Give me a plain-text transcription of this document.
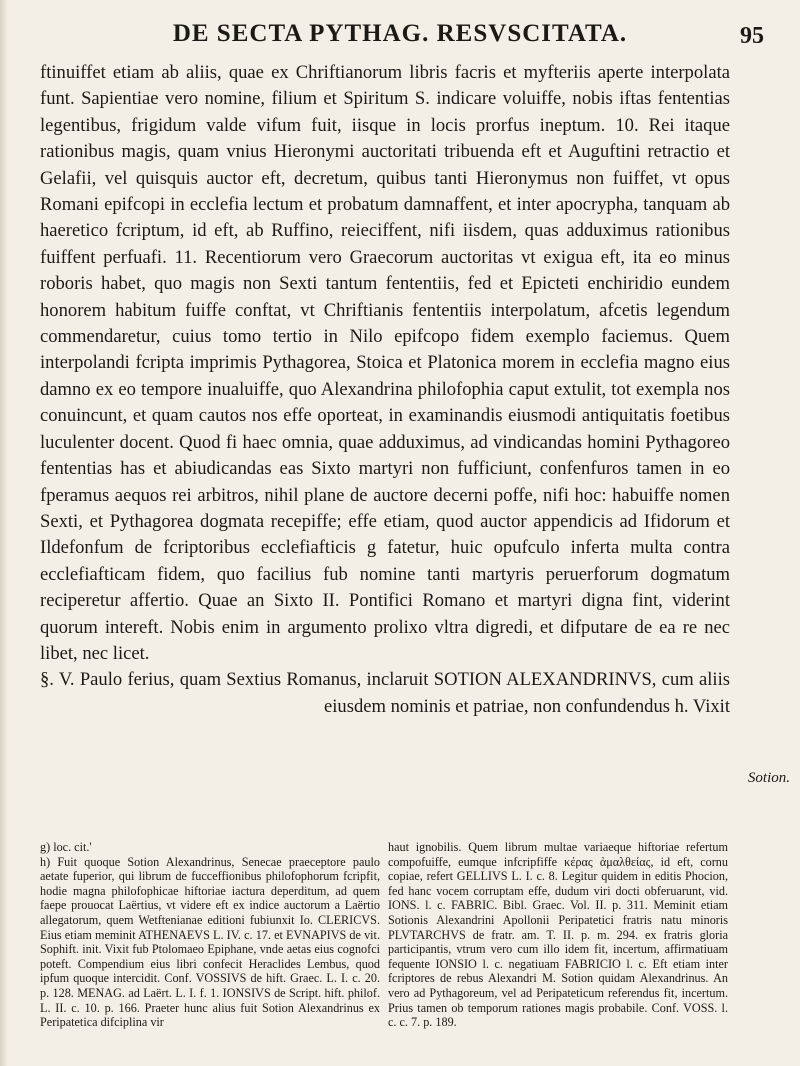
DE SECTA PYTHAG. RESVSCITATA.	95

ftinuiffet etiam ab aliis, quae ex Chriftianorum libris facris et myfteriis aperte interpolata funt. Sapientiae vero nomine, filium et Spiritum S. indicare voluiffe, nobis iftas fententias legentibus, frigidum valde vifum fuit, iisque in locis prorfus ineptum. 10. Rei itaque rationibus magis, quam vnius Hieronymi auctoritati tribuenda eft et Auguftini retractio et Gelafii, vel quisquis auctor eft, decretum, quibus tanti Hieronymus non fuiffet, vt opus Romani epifcopi in ecclefia lectum et probatum damnaffent, et inter apocrypha, tanquam ab haeretico fcriptum, id eft, ab Ruffino, reieciffent, nifi iisdem, quas adduximus rationibus fuiffent perfuafi. 11. Recentiorum vero Graecorum auctoritas vt exigua eft, ita eo minus roboris habet, quo magis non Sexti tantum fententiis, fed et Epicteti enchiridio eundem honorem habitum fuiffe conftat, vt Chriftianis fententiis interpolatum, afcetis legendum commendaretur, cuius tomo tertio in Nilo epifcopo fidem exemplo faciemus. Quem interpolandi fcripta imprimis Pythagorea, Stoica et Platonica morem in ecclefia magno eius damno ex eo tempore inualuiffe, quo Alexandrina philofophia caput extulit, tot exempla nos conuincunt, et quam cautos nos effe oporteat, in examinandis eiusmodi antiquitatis foetibus luculenter docent. Quod fi haec omnia, quae adduximus, ad vindicandas homini Pythagoreo fententias has et abiudicandas eas Sixto martyri non fufficiunt, confenfuros tamen in eo fperamus aequos rei arbitros, nihil plane de auctore decerni poffe, nifi hoc: habuiffe nomen Sexti, et Pythagorea dogmata recepiffe; effe etiam, quod auctor appendicis ad Ifidorum et Ildefonfum de fcriptoribus ecclefiafticis g fatetur, huic opufculo inferta multa contra ecclefiafticam fidem, quo facilius fub nomine tanti martyris peruerforum dogmatum reciperetur affertio. Quae an Sixto II. Pontifici Romano et martyri digna fint, viderint quorum intereft. Nobis enim in argumento prolixo vltra digredi, et difputare de ea re nec libet, nec licet.

§. V. Paulo ferius, quam Sextius Romanus, inclaruit SOTION ALEXANDRINVS, cum aliis eiusdem nominis et patriae, non confundendus h. Vixit

Sotion.

g) loc. cit.'

h) Fuit quoque Sotion Alexandrinus, Senecae praeceptore paulo aetate fuperior, qui librum de fucceffionibus philofophorum fcripfit, hodie magna philofophicae hiftoriae iactura deperditum, ad quem faepe prouocat Laërtius, vt videre eft ex indice auctorum a Laërtio allegatorum, quem Wetftenianae editioni fubiunxit Io. CLERICVS. Eius etiam meminit ATHENAEVS L. IV. c. 17. et EVNAPIVS de vit. Sophift. init. Vixit fub Ptolomaeo Epiphane, vnde aetas eius cognofci poteft. Compendium eius libri confecit Heraclides Lembus, quod ipfum quoque intercidit. Conf. VOSSIVS de hift. Graec. L. I. c. 20. p. 128. MENAG. ad Laërt. L. I. f. 1. IONSIVS de Script. hift. philof. L. II. c. 10. p. 166. Praeter hunc alius fuit Sotion Alexandrinus ex Peripatetica difciplina vir

haut ignobilis. Quem librum multae variaeque hiftoriae refertum compofuiffe, eumque infcripfiffe κέρας ἀμαλθείας, id eft, cornu copiae, refert GELLIVS L. I. c. 8. Legitur quidem in editis Phocion, fed hanc vocem corruptam effe, dudum viri docti obferuarunt, vid. IONS. l. c. FABRIC. Bibl. Graec. Vol. II. p. 311. Meminit etiam Sotionis Alexandrini Apollonii Peripatetici fratris natu minoris PLVTARCHVS de fratr. am. T. II. p. m. 294. ex fratris gloria participantis, vtrum vero cum illo idem fit, incertum, affirmatiuam fequente IONSIO l. c. negatiuam FABRICIO l. c. Eft etiam inter fcriptores de rebus Alexandri M. Sotion quidam Alexandrinus. An vero ad Pythagoreum, vel ad Peripateticum referendus fit, incertum. Prius tamen ob temporum rationes magis probabile. Conf. VOSS. l. c. c. 7. p. 189.
